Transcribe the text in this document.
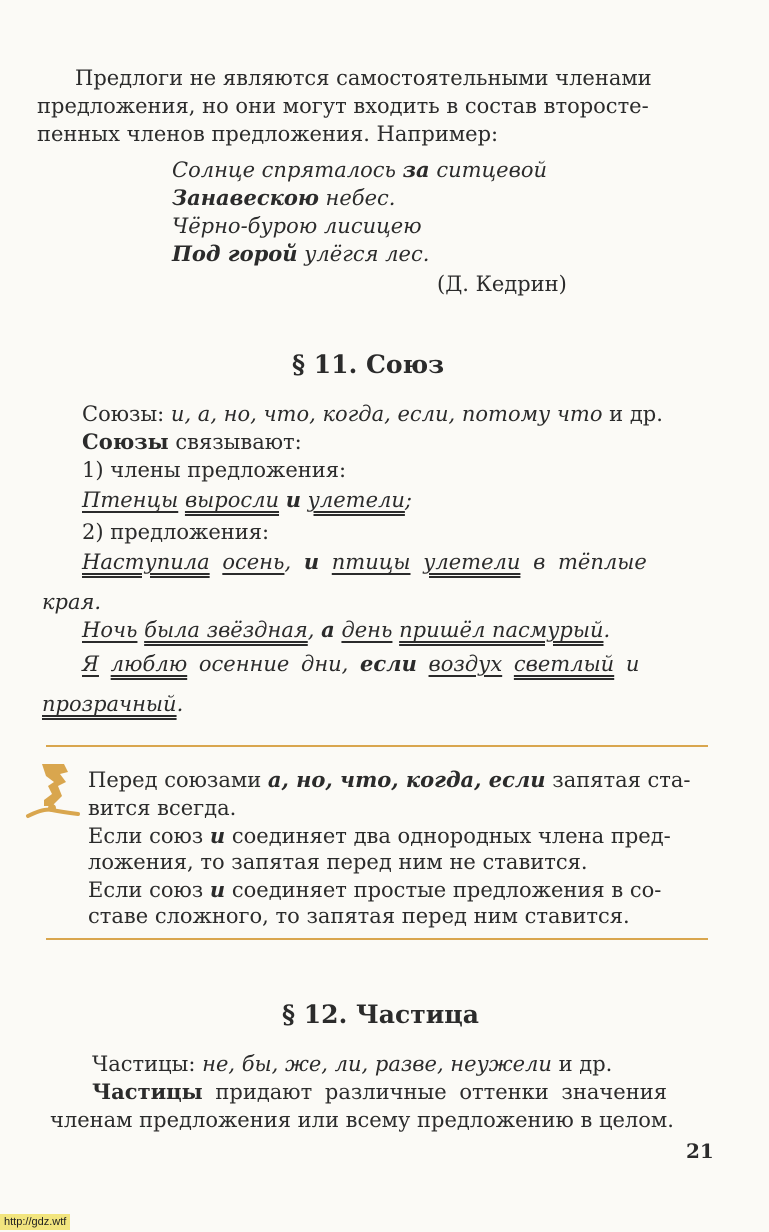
Предлоги не являются самостоятельными членами
предложения, но они могут входить в состав второсте-
пенных членов предложения. Например:
Солнце спряталось за ситцевой
Занавескою небес.
Чёрно-бурою лисицею
Под горой улёгся лес.
(Д. Кедрин)
§ 11. Союз
Союзы: и, а, но, что, когда, если, потому что и др.
Союзы связывают:
1) члены предложения:
Птенцы выросли и улетели;
2) предложения:
Наступила осень, и птицы улетели в тёплые
края.
Ночь была звёздная, а день пришёл пасмурый.
Я люблю осенние дни, если воздух светлый и
прозрачный.
Перед союзами а, но, что, когда, если запятая ста-
вится всегда.
Если союз и соединяет два однородных члена пред-
ложения, то запятая перед ним не ставится.
Если союз и соединяет простые предложения в со-
ставе сложного, то запятая перед ним ставится.
§ 12. Частица
Частицы: не, бы, же, ли, разве, неужели и др.
Частицы придают различные оттенки значения
членам предложения или всему предложению в целом.
21
http://gdz.wtf
